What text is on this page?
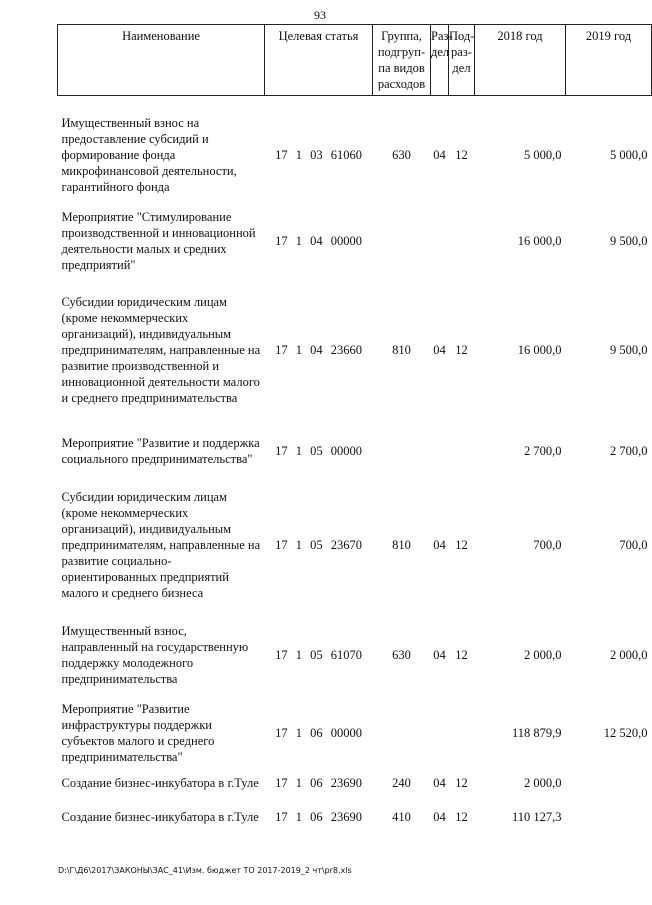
93
Наименование	Целевая статья	Группа, подгруп-па видов расходов	Раз-дел	Под-раз-дел	2018 год	2019 год

Имущественный взнос на предоставление субсидий и формирование фонда микрофинансовой деятельности, гарантийного фонда	17 1 03 61060	630	04	12	5 000,0	5 000,0

Мероприятие "Стимулирование производственной и инновационной деятельности малых и средних предприятий"	17 1 04 00000				16 000,0	9 500,0

Субсидии юридическим лицам (кроме некоммерческих организаций), индивидуальным предпринимателям, направленные на развитие производственной и инновационной деятельности малого и среднего предпринимательства	17 1 04 23660	810	04	12	16 000,0	9 500,0

Мероприятие "Развитие и поддержка социального предпринимательства"	17 1 05 00000				2 700,0	2 700,0

Субсидии юридическим лицам (кроме некоммерческих организаций), индивидуальным предпринимателям, направленные на развитие социально-ориентированных предприятий малого и среднего бизнеса	17 1 05 23670	810	04	12	700,0	700,0

Имущественный взнос, направленный на государственную поддержку молодежного предпринимательства	17 1 05 61070	630	04	12	2 000,0	2 000,0

Мероприятие "Развитие инфраструктуры поддержки субъектов малого и среднего предпринимательства"	17 1 06 00000				118 879,9	12 520,0
Создание бизнес-инкубатора в г.Туле	17 1 06 23690	240	04	12	2 000,0	
Создание бизнес-инкубатора в г.Туле	17 1 06 23690	410	04	12	110 127,3	
D:\Г\Д6\2017\ЗАКОНЫ\ЗАС_41\Изм. бюджет ТО 2017-2019_2 чт\pr8.xls
